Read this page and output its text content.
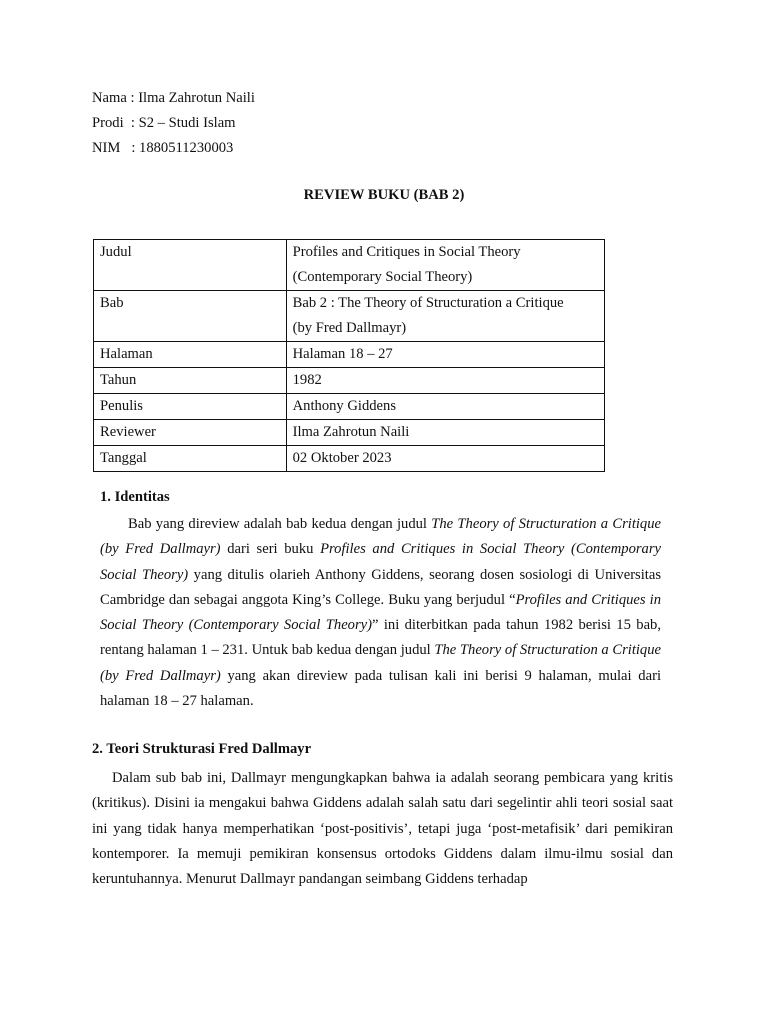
Nama : Ilma Zahrotun Naili
Prodi  : S2 – Studi Islam
NIM   : 1880511230003
REVIEW BUKU (BAB 2)
Judul	Profiles and Critiques in Social Theory
(Contemporary Social Theory)

Bab	Bab 2 : The Theory of Structuration a Critique
(by Fred Dallmayr)

Halaman	Halaman 18 – 27
Tahun	1982
Penulis	Anthony Giddens
Reviewer	Ilma Zahrotun Naili
Tanggal	02 Oktober 2023
1. Identitas
Bab yang direview adalah bab kedua dengan judul The Theory of Structuration a Critique (by Fred Dallmayr) dari seri buku Profiles and Critiques in Social Theory (Contemporary Social Theory) yang ditulis olarieh Anthony Giddens, seorang dosen sosiologi di Universitas Cambridge dan sebagai anggota King’s College. Buku yang berjudul “Profiles and Critiques in Social Theory (Contemporary Social Theory)” ini diterbitkan pada tahun 1982 berisi 15 bab, rentang halaman 1 – 231. Untuk bab kedua dengan judul The Theory of Structuration a Critique (by Fred Dallmayr) yang akan direview pada tulisan kali ini berisi 9 halaman, mulai dari halaman 18 – 27 halaman.
2. Teori Strukturasi Fred Dallmayr
Dalam sub bab ini, Dallmayr mengungkapkan bahwa ia adalah seorang pembicara yang kritis (kritikus). Disini ia mengakui bahwa Giddens adalah salah satu dari segelintir ahli teori sosial saat ini yang tidak hanya memperhatikan ‘post-positivis’, tetapi juga ‘post-metafisik’ dari pemikiran kontemporer. Ia memuji pemikiran konsensus ortodoks Giddens dalam ilmu-ilmu sosial dan keruntuhannya. Menurut Dallmayr pandangan seimbang Giddens terhadap
